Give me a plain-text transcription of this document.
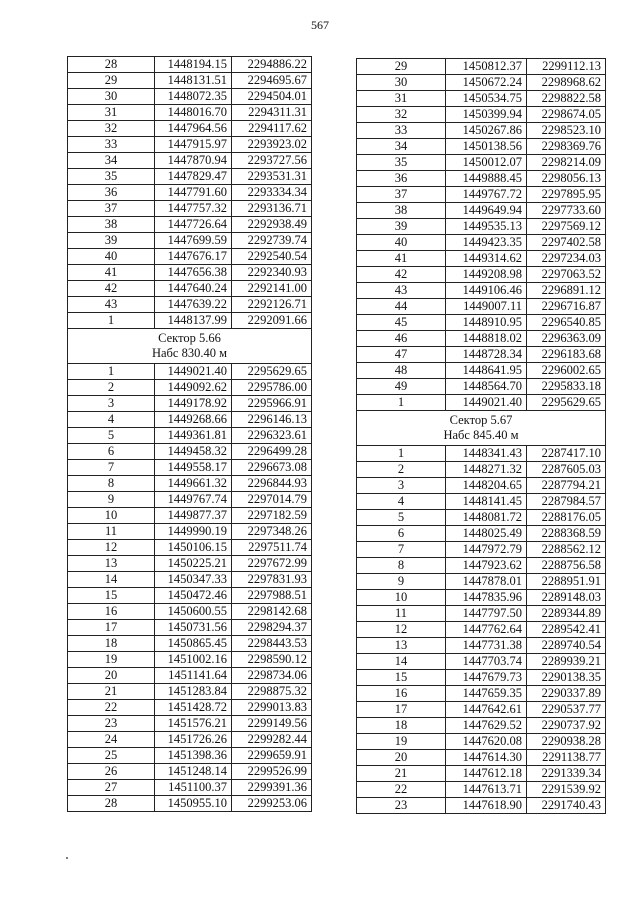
567
28	1448194.15	2294886.22
29	1448131.51	2294695.67
30	1448072.35	2294504.01
31	1448016.70	2294311.31
32	1447964.56	2294117.62
33	1447915.97	2293923.02
34	1447870.94	2293727.56
35	1447829.47	2293531.31
36	1447791.60	2293334.34
37	1447757.32	2293136.71
38	1447726.64	2292938.49
39	1447699.59	2292739.74
40	1447676.17	2292540.54
41	1447656.38	2292340.93
42	1447640.24	2292141.00
43	1447639.22	2292126.71
1	1448137.99	2292091.66

Сектор 5.66
Набс 830.40 м		

1	1449021.40	2295629.65
2	1449092.62	2295786.00
3	1449178.92	2295966.91
4	1449268.66	2296146.13
5	1449361.81	2296323.61
6	1449458.32	2296499.28
7	1449558.17	2296673.08
8	1449661.32	2296844.93
9	1449767.74	2297014.79
10	1449877.37	2297182.59
11	1449990.19	2297348.26
12	1450106.15	2297511.74
13	1450225.21	2297672.99
14	1450347.33	2297831.93
15	1450472.46	2297988.51
16	1450600.55	2298142.68
17	1450731.56	2298294.37
18	1450865.45	2298443.53
19	1451002.16	2298590.12
20	1451141.64	2298734.06
21	1451283.84	2298875.32
22	1451428.72	2299013.83
23	1451576.21	2299149.56
24	1451726.26	2299282.44
25	1451398.36	2299659.91
26	1451248.14	2299526.99
27	1451100.37	2299391.36
28	1450955.10	2299253.06
29	1450812.37	2299112.13
30	1450672.24	2298968.62
31	1450534.75	2298822.58
32	1450399.94	2298674.05
33	1450267.86	2298523.10
34	1450138.56	2298369.76
35	1450012.07	2298214.09
36	1449888.45	2298056.13
37	1449767.72	2297895.95
38	1449649.94	2297733.60
39	1449535.13	2297569.12
40	1449423.35	2297402.58
41	1449314.62	2297234.03
42	1449208.98	2297063.52
43	1449106.46	2296891.12
44	1449007.11	2296716.87
45	1448910.95	2296540.85
46	1448818.02	2296363.09
47	1448728.34	2296183.68
48	1448641.95	2296002.65
49	1448564.70	2295833.18
1	1449021.40	2295629.65

Сектор 5.67
Набс 845.40 м		

1	1448341.43	2287417.10
2	1448271.32	2287605.03
3	1448204.65	2287794.21
4	1448141.45	2287984.57
5	1448081.72	2288176.05
6	1448025.49	2288368.59
7	1447972.79	2288562.12
8	1447923.62	2288756.58
9	1447878.01	2288951.91
10	1447835.96	2289148.03
11	1447797.50	2289344.89
12	1447762.64	2289542.41
13	1447731.38	2289740.54
14	1447703.74	2289939.21
15	1447679.73	2290138.35
16	1447659.35	2290337.89
17	1447642.61	2290537.77
18	1447629.52	2290737.92
19	1447620.08	2290938.28
20	1447614.30	2291138.77
21	1447612.18	2291339.34
22	1447613.71	2291539.92
23	1447618.90	2291740.43
